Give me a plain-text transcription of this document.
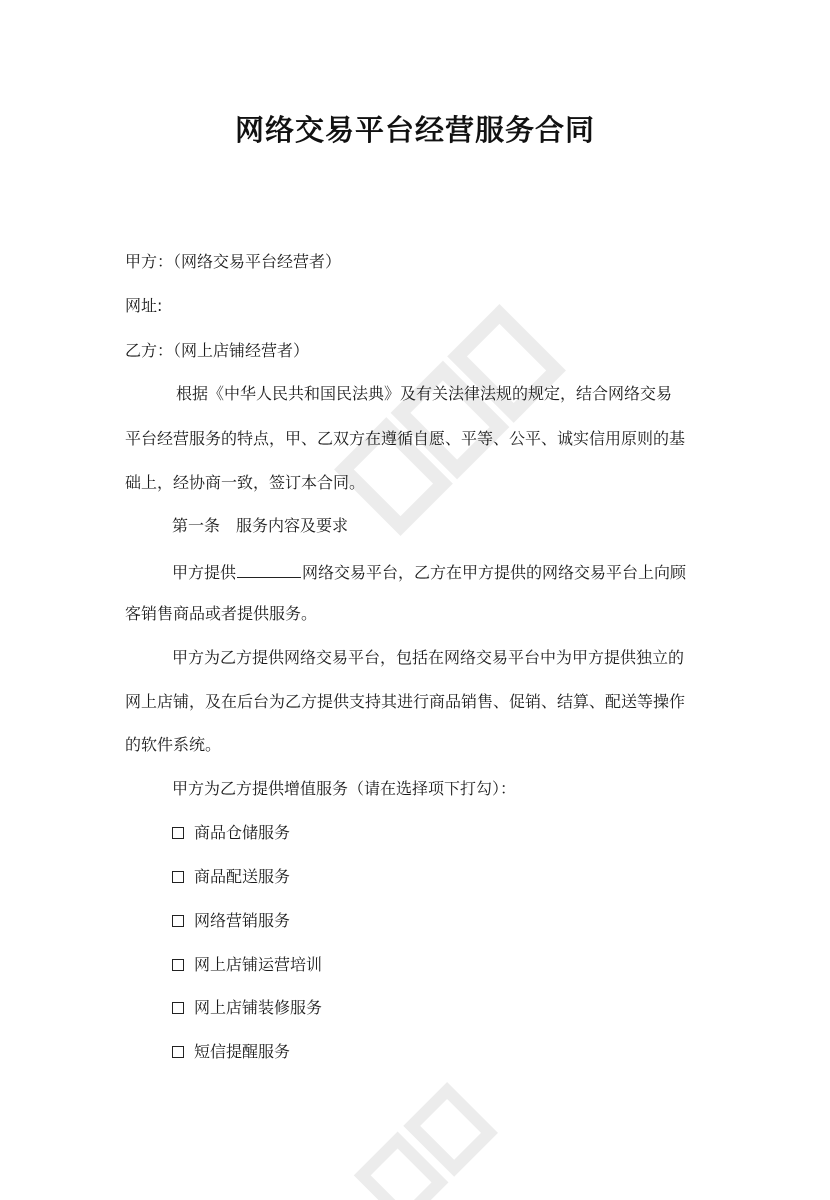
网络交易平台经营服务合同
甲方：（网络交易平台经营者）
网址:
乙方：（网上店铺经营者）
根据《中华人民共和国民法典》及有关法律法规的规定，结合网络交易
平台经营服务的特点，甲、乙双方在遵循自愿、平等、公平、诚实信用原则的基
础上，经协商一致，签订本合同。
第一条　服务内容及要求
甲方提供	网络交易平台，乙方在甲方提供的网络交易平台上向顾
客销售商品或者提供服务。
甲方为乙方提供网络交易平台，包括在网络交易平台中为甲方提供独立的
网上店铺，及在后台为乙方提供支持其进行商品销售、促销、结算、配送等操作
的软件系统。
甲方为乙方提供增值服务（请在选择项下打勾）：
商品仓储服务
商品配送服务
网络营销服务
网上店铺运营培训
网上店铺装修服务
短信提醒服务
